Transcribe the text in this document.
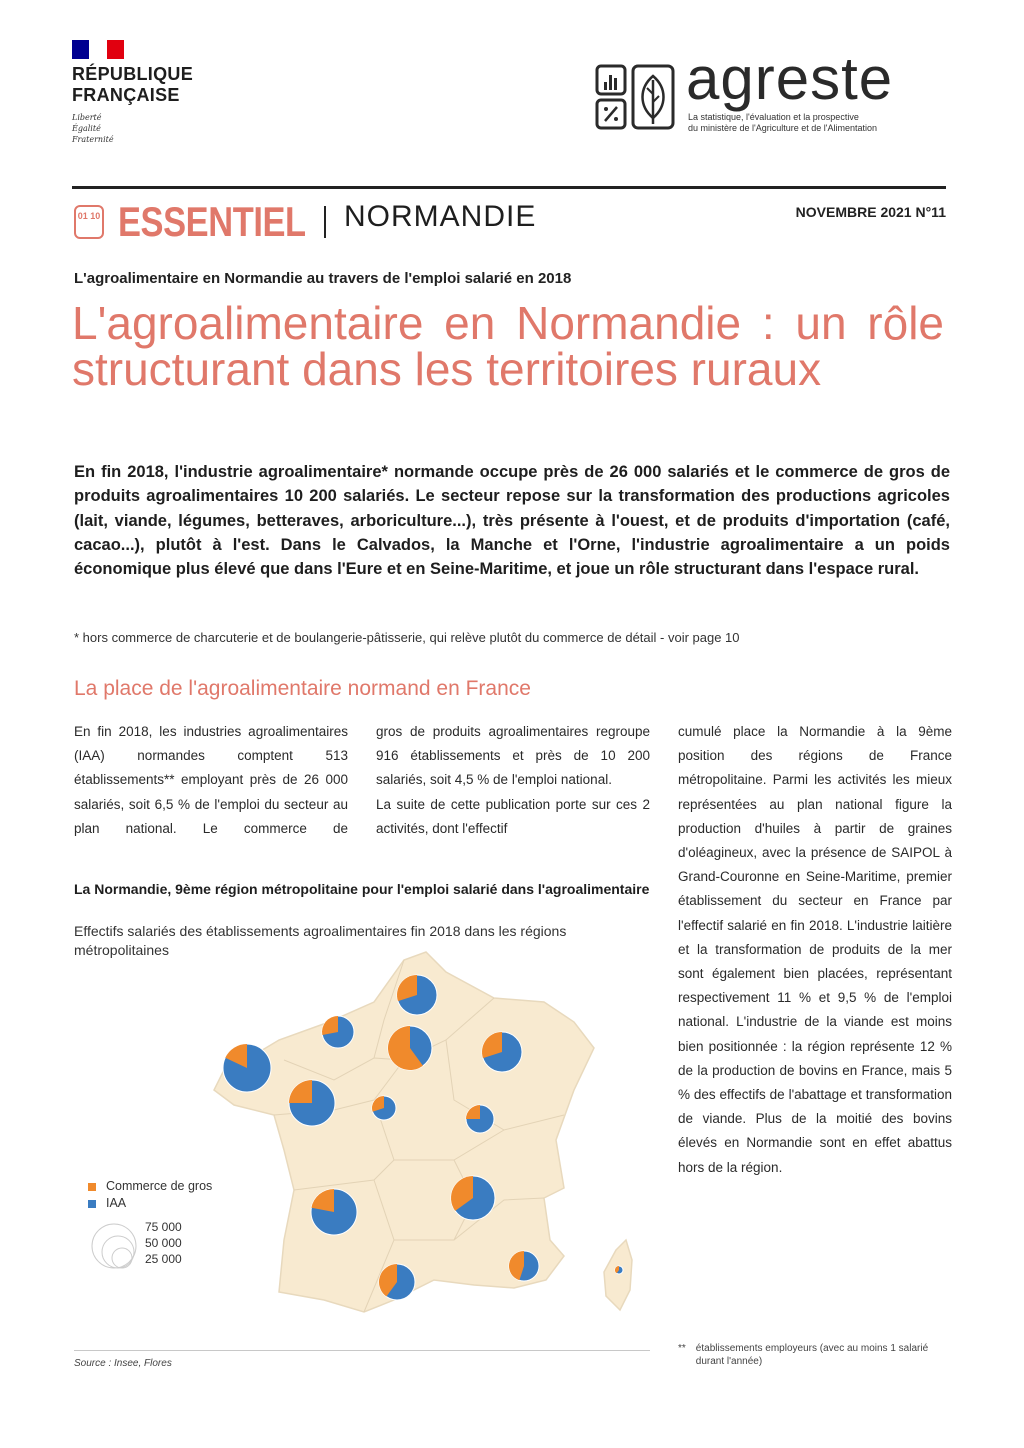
RÉPUBLIQUE
FRANÇAISE
Liberté
Égalité
Fraternité
agreste
La statistique, l'évaluation et la prospective
du ministère de l'Agriculture et de l'Alimentation
01 10 ESSENTIEL NORMANDIE	NOVEMBRE 2021 N°11
L'agroalimentaire en Normandie au travers de l'emploi salarié en 2018
L'agroalimentaire en Normandie : un rôle structurant dans les territoires ruraux
En fin 2018, l'industrie agroalimentaire* normande occupe près de 26 000 salariés et le commerce de gros de produits agroalimentaires 10 200 salariés. Le secteur repose sur la transformation des productions agricoles (lait, viande, légumes, betteraves, arboriculture...), très présente à l'ouest, et de produits d'importation (café, cacao...), plutôt à l'est. Dans le Calvados, la Manche et l'Orne, l'industrie agroalimentaire a un poids économique plus élevé que dans l'Eure et en Seine-Maritime, et joue un rôle structurant dans l'espace rural.
* hors commerce de charcuterie et de boulangerie-pâtisserie, qui relève plutôt du commerce de détail - voir page 10
La place de l'agroalimentaire normand en France
En fin 2018, les industries agroalimentaires (IAA) normandes comptent 513 établissements** employant près de 26 000 salariés, soit 6,5 % de l'emploi du secteur au plan national. Le commerce de
gros de produits agroalimentaires regroupe 916 établissements et près de 10 200 salariés, soit 4,5 % de l'emploi national.
La suite de cette publication porte sur ces 2 activités, dont l'effectif
cumulé place la Normandie à la 9ème position des régions de France métropolitaine. Parmi les activités les mieux représentées au plan national figure la production d'huiles à partir de graines d'oléagineux, avec la présence de SAIPOL à Grand-Couronne en Seine-Maritime, premier établissement du secteur en France par l'effectif salarié en fin 2018. L'industrie laitière et la transformation de produits de la mer sont également bien placées, représentant respectivement 11 % et 9,5 % de l'emploi national. L'industrie de la viande est moins bien positionnée : la région représente 12 % de la production de bovins en France, mais 5 % des effectifs de l'abattage et transformation de viande. Plus de la moitié des bovins élevés en Normandie sont en effet abattus hors de la région.
La Normandie, 9ème région métropolitaine pour l'emploi salarié dans l'agroalimentaire
Effectifs salariés des établissements agroalimentaires fin 2018 dans les régions métropolitaines
Commerce de gros
IAA
75 000
50 000
25 000
Source : Insee, Flores
** établissements employeurs (avec au moins 1 salarié durant l'année)
